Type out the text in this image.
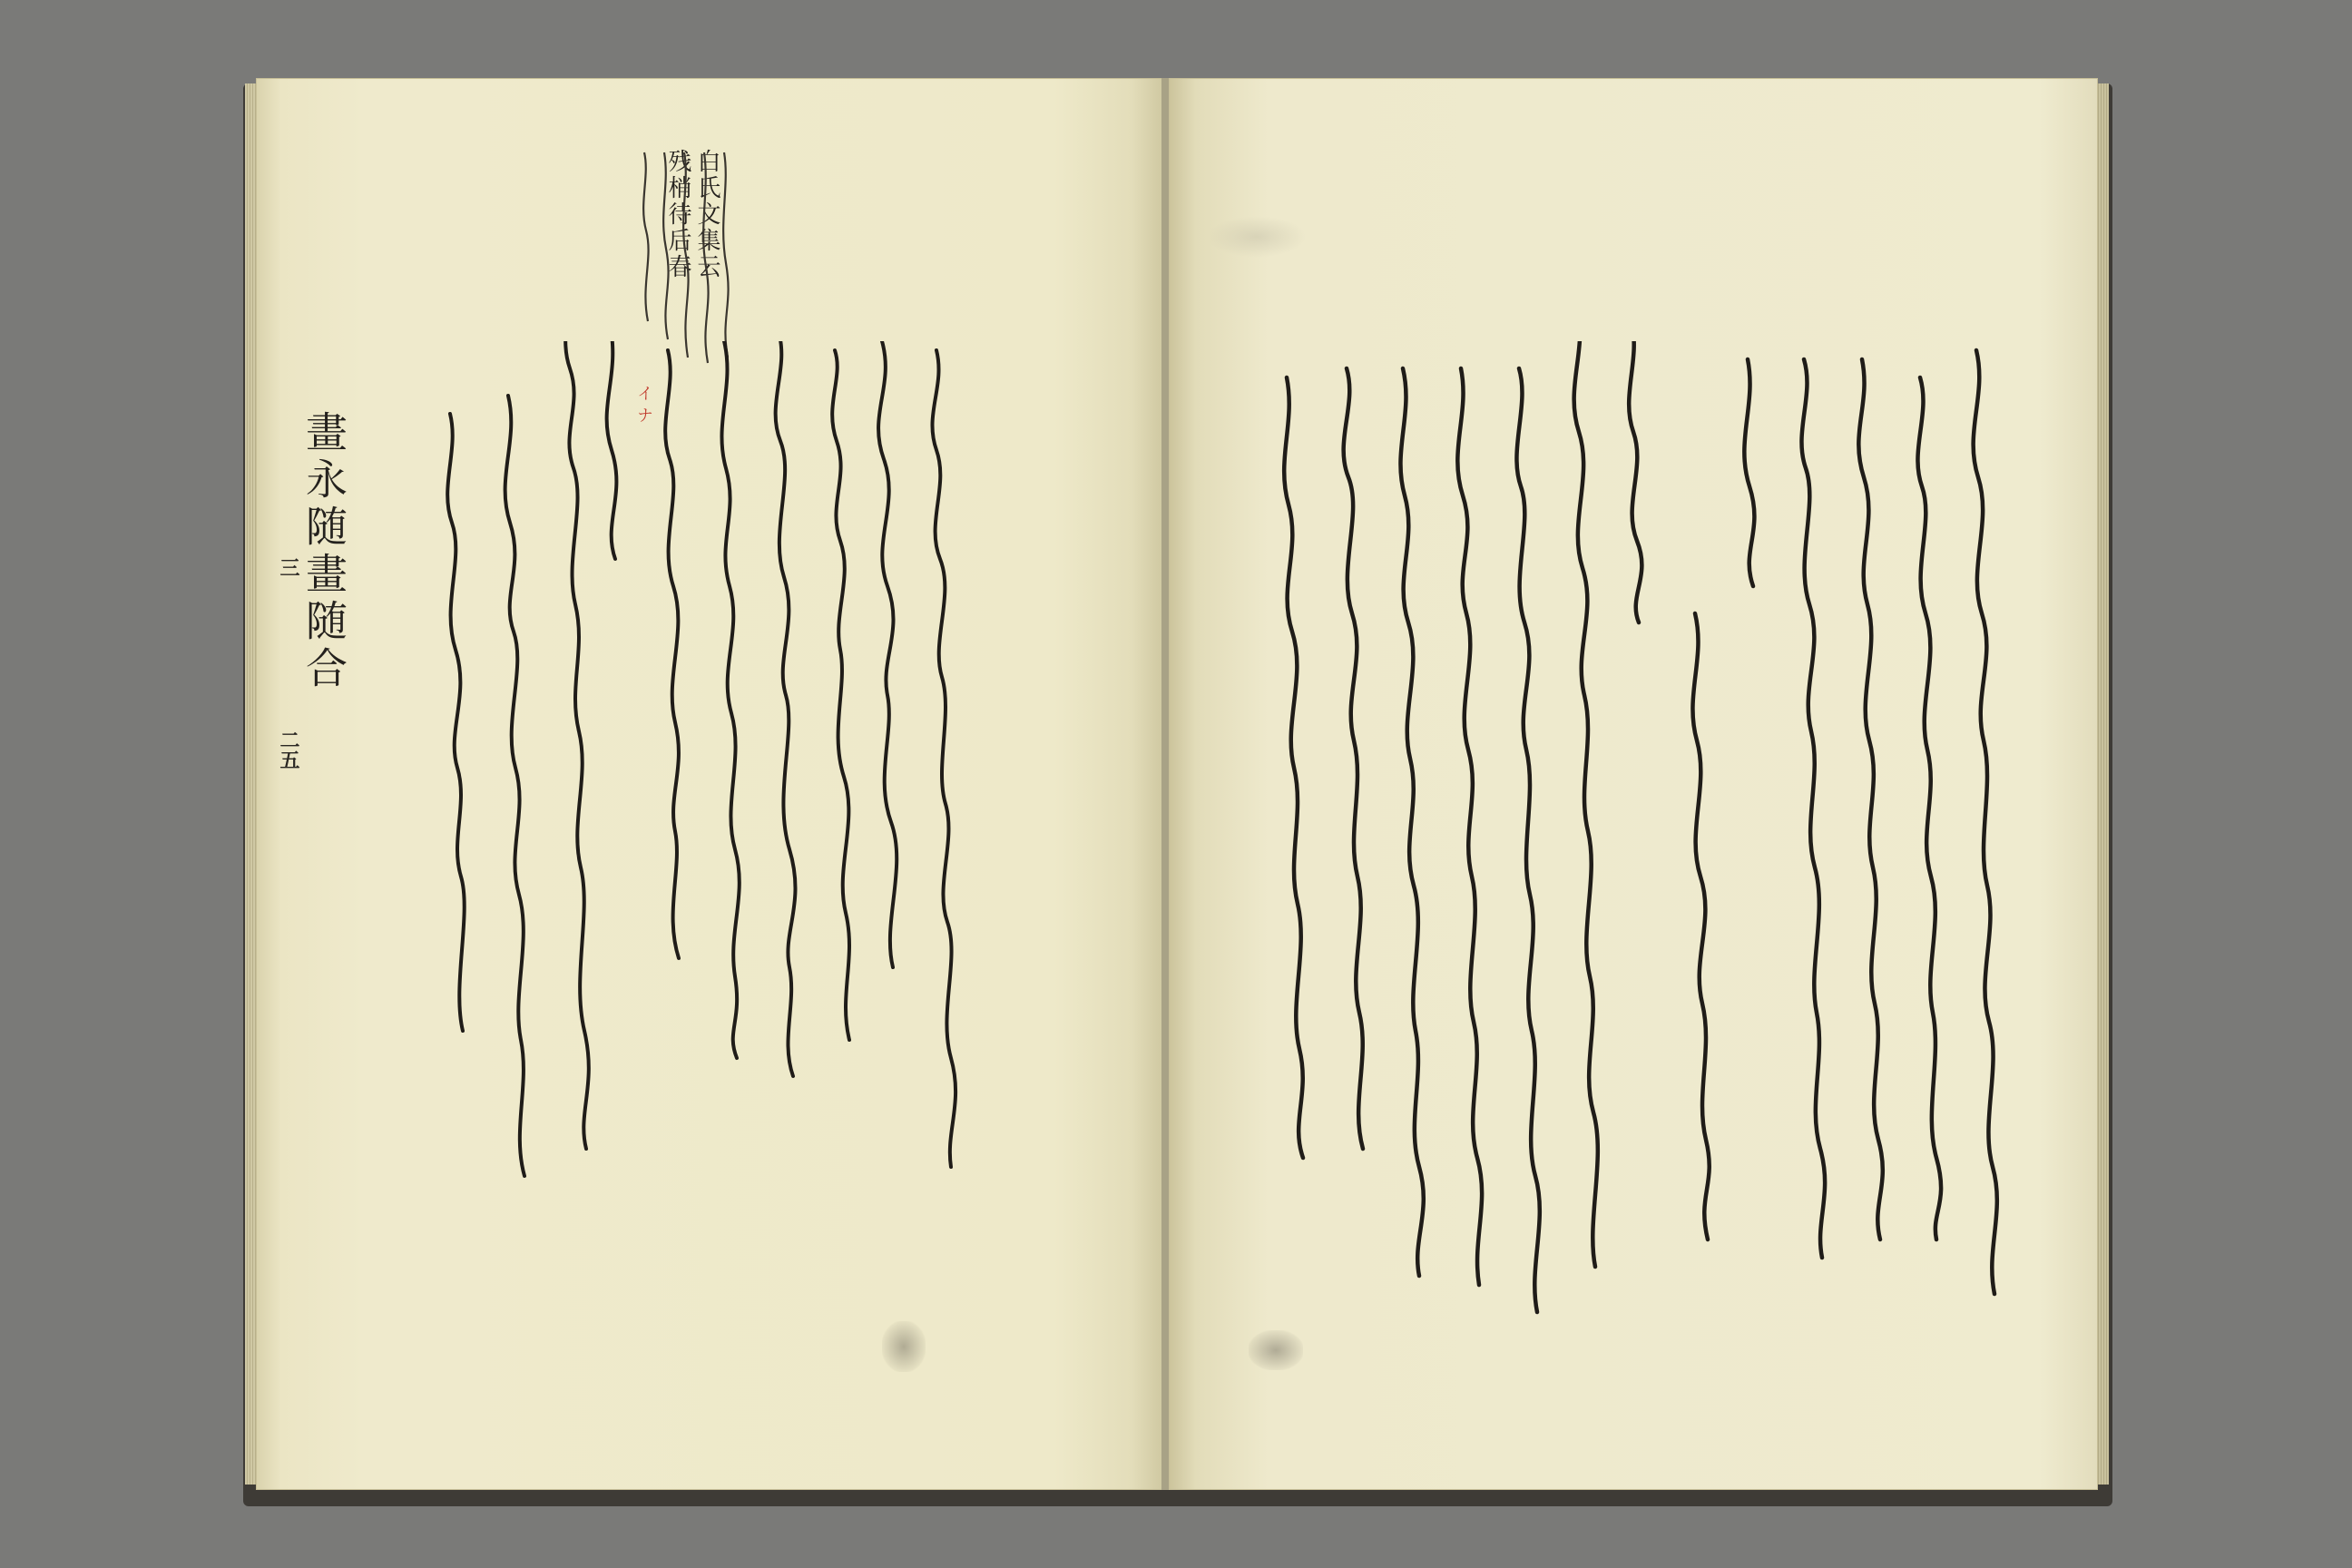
白氏文集云
残梢待后春
畫永随畫随合
イナ
三
二五
